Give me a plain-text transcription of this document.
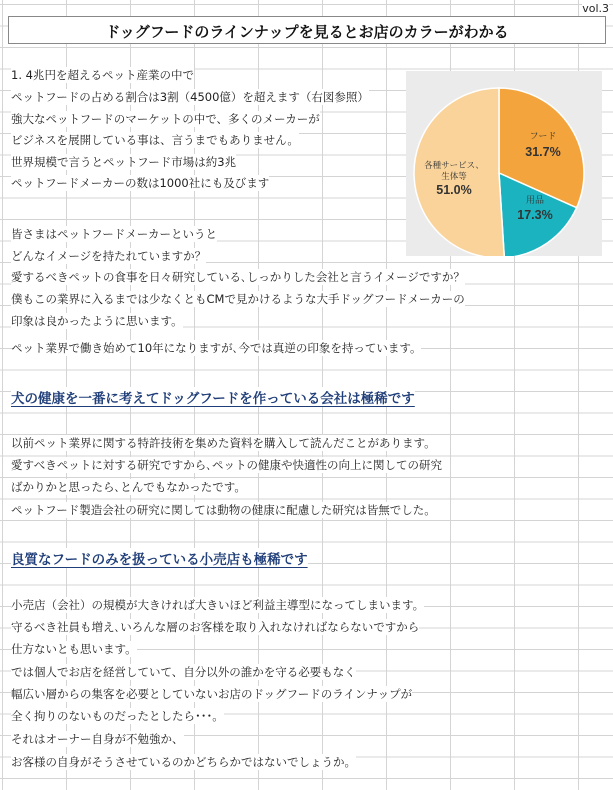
vol.3
ドッグフードのラインナップを見るとお店のカラーがわかる
1. 4兆円を超えるペット産業の中で
ペットフードの占める割合は3割（4500億）を超えます（右図参照）
強大なペットフードのマーケットの中で、多くのメーカーが
ビジネスを展開している事は、言うまでもありません。
世界規模で言うとペットフード市場は約3兆
ペットフードメーカーの数は1000社にも及びます
皆さまはペットフードメーカーというと
どんなイメージを持たれていますか？
愛するべきペットの食事を日々研究している､しっかりした会社と言うイメージですか？
僕もこの業界に入るまでは少なくともCMで見かけるような大手ドッグフードメーカーの
印象は良かったように思います。
ペット業界で働き始めて10年になりますが､今では真逆の印象を持っています。
犬の健康を一番に考えてドッグフードを作っている会社は極稀です
以前ペット業界に関する特許技術を集めた資料を購入して読んだことがあります。
愛すべきペットに対する研究ですから､ペットの健康や快適性の向上に関しての研究
ばかりかと思ったら､とんでもなかったです。
ペットフード製造会社の研究に関しては動物の健康に配慮した研究は皆無でした。
良質なフードのみを扱っている小売店も極稀です
小売店（会社）の規模が大きければ大きいほど利益主導型になってしまいます。
守るべき社員も増え､いろんな層のお客様を取り入れなければならないですから
仕方ないとも思います。
では個人でお店を経営していて、自分以外の誰かを守る必要もなく
幅広い層からの集客を必要としていないお店のドッグフードのラインナップが
全く拘りのないものだったとしたら･･･。
それはオーナー自身が不勉強か、
お客様の自身がそうさせているのかどちらかではないでしょうか。
フード
31.7%
用品
17.3%
各種サービス、
生体等
51.0%
